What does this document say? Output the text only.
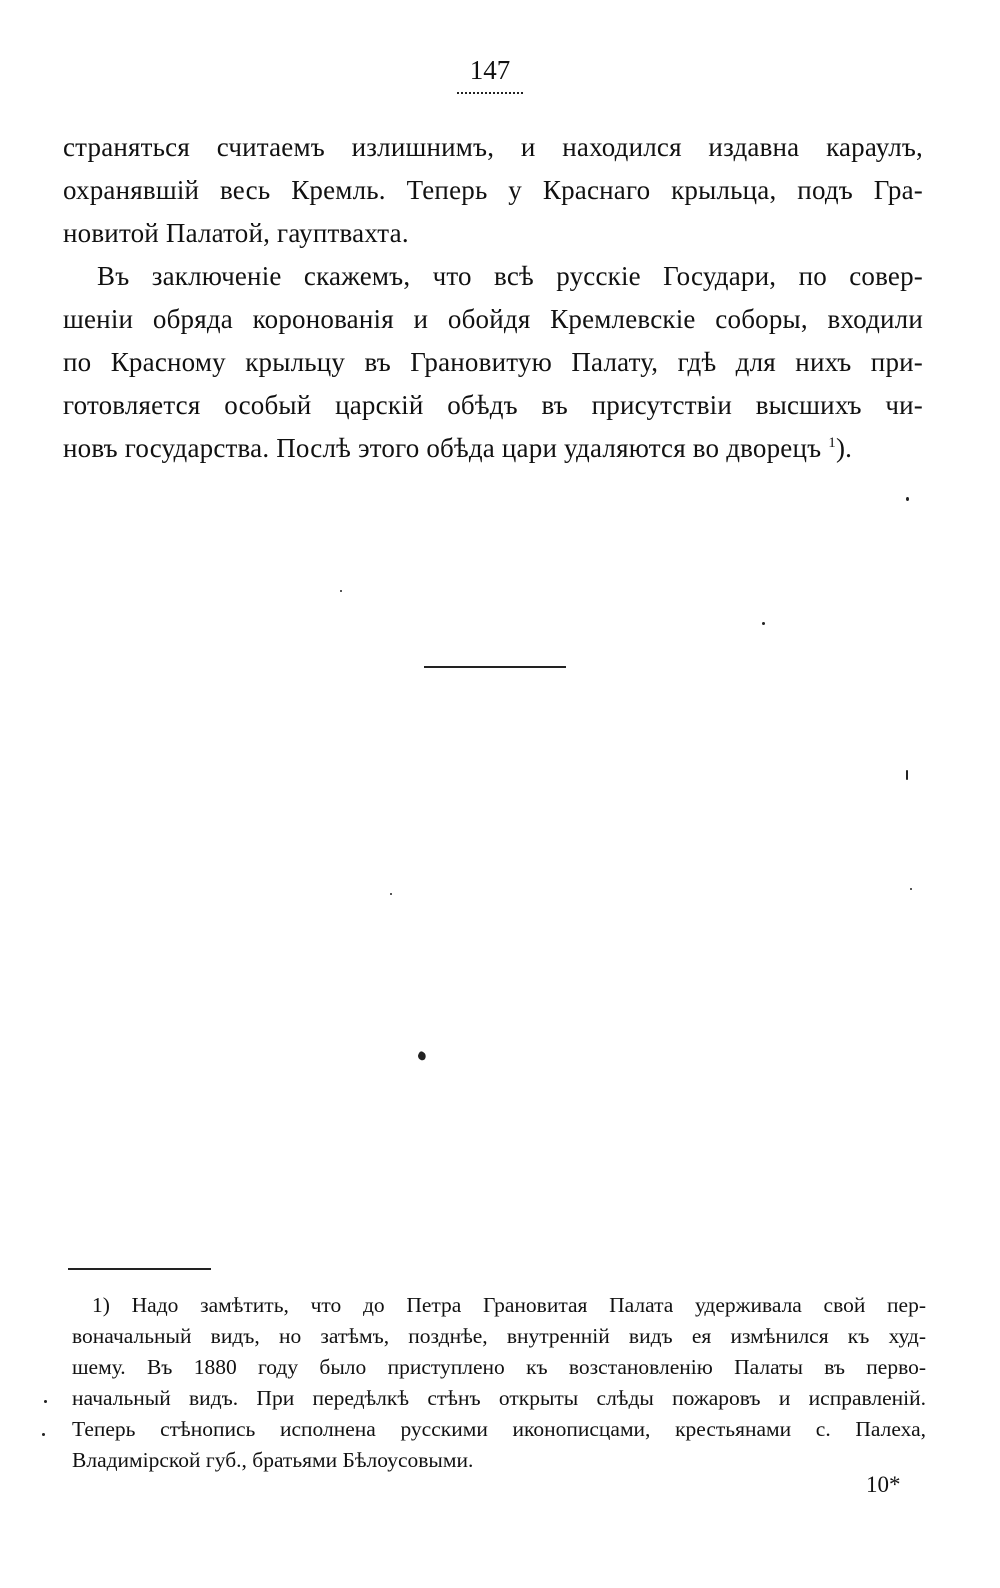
147
страняться считаемъ излишнимъ, и находился издавна караулъ,
охранявшій весь Кремль. Теперь у Краснаго крыльца, подъ Гра-
новитой Палатой, гауптвахта.
Въ заключеніе скажемъ, что всѣ русскіе Государи, по совер-
шеніи обряда коронованія и обойдя Кремлевскіе соборы, входили
по Красному крыльцу въ Грановитую Палату, гдѣ для нихъ при-
готовляется особый царскій обѣдъ въ присутствіи высшихъ чи-
новъ государства. Послѣ этого обѣда цари удаляются во дворецъ $^1$).
1) Надо замѣтить, что до Петра Грановитая Палата удерживала свой пер-
воначальный видъ, но затѣмъ, позднѣе, внутренній видъ ея измѣнился къ худ-
шему. Въ 1880 году было приступлено къ возстановленію Палаты въ перво-
начальный видъ. При передѣлкѣ стѣнъ открыты слѣды пожаровъ и исправленій.
Теперь стѣнопись исполнена русскими иконописцами, крестьянами с. Палеха,
Владимірской губ., братьями Бѣлоусовыми.
10*
